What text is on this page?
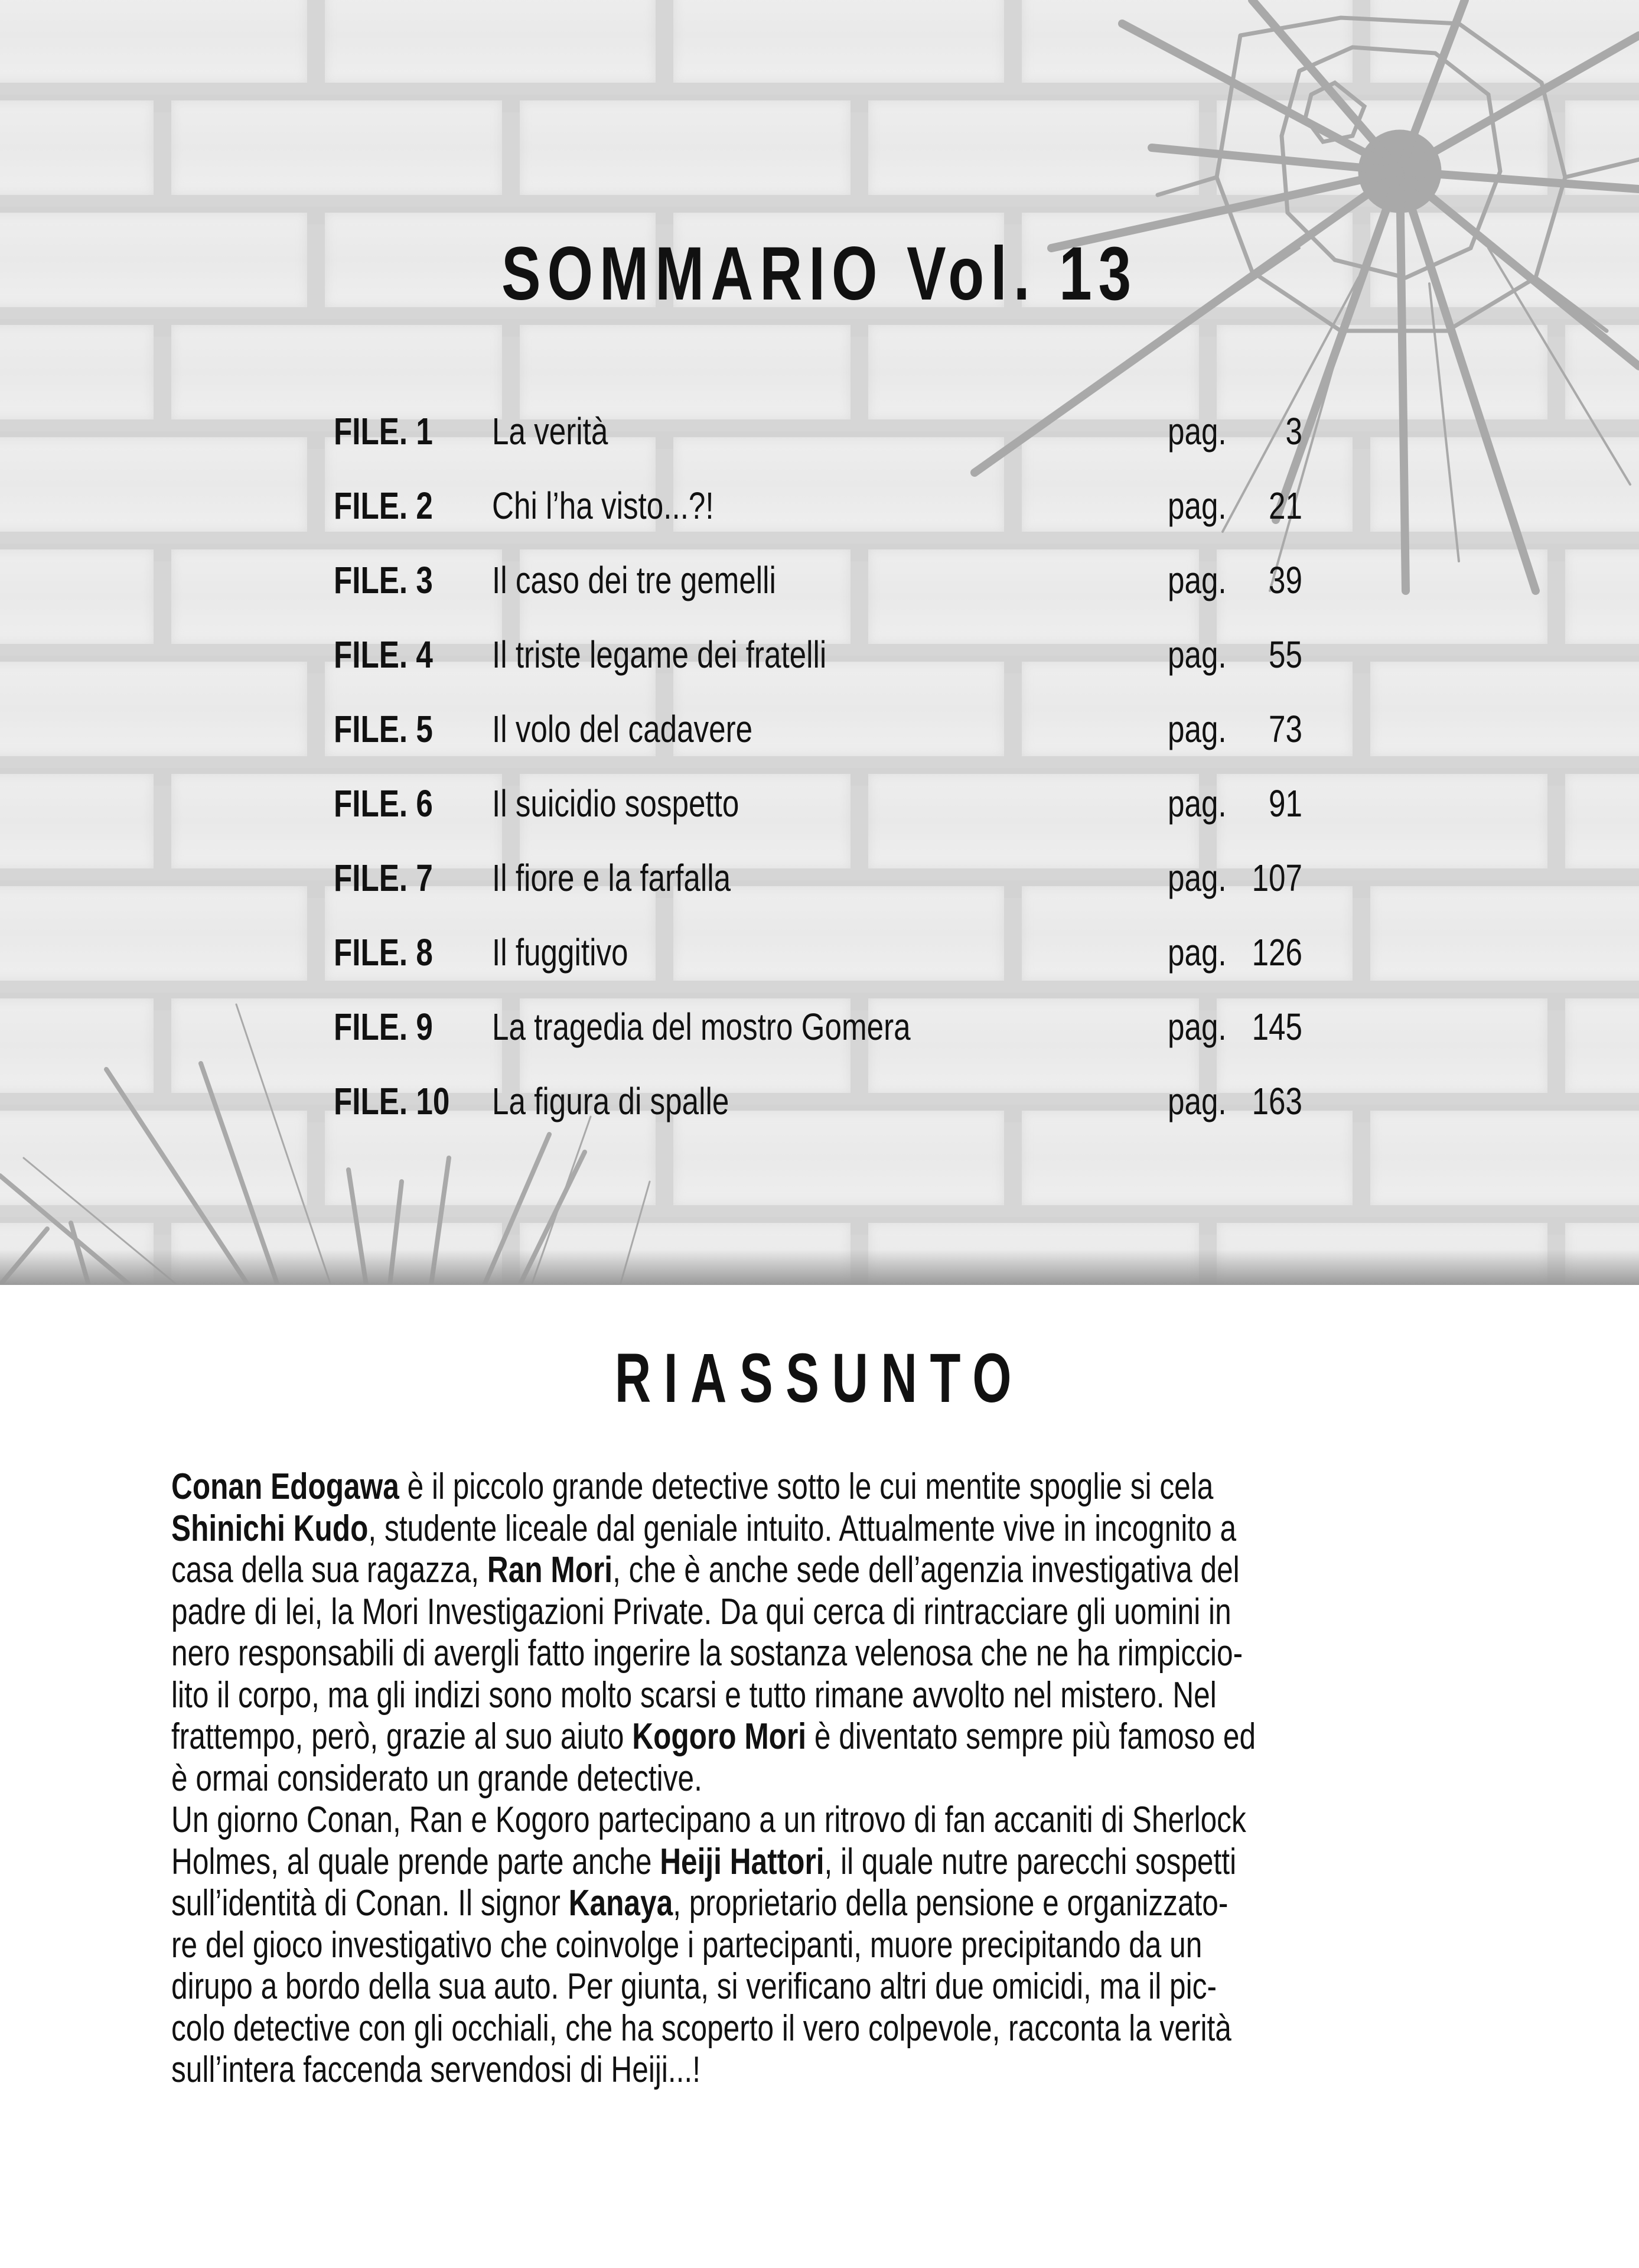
SOMMARIO Vol. 13
FILE. 1 La verità	pag.	3
FILE. 2 Chi l’ha visto...?!	pag.	21
FILE. 3 Il caso dei tre gemelli	pag.	39
FILE. 4 Il triste legame dei fratelli	pag.	55
FILE. 5 Il volo del cadavere	pag.	73
FILE. 6 Il suicidio sospetto	pag.	91
FILE. 7 Il fiore e la farfalla	pag. 107
FILE. 8 Il fuggitivo	pag. 126
FILE. 9 La tragedia del mostro Gomera	pag. 145
FILE. 10 La figura di spalle	pag. 163
RIASSUNTO
Conan Edogawa è il piccolo grande detective sotto le cui mentite spoglie si cela
Shinichi Kudo, studente liceale dal geniale intuito. Attualmente vive in incognito a
casa della sua ragazza, Ran Mori, che è anche sede dell’agenzia investigativa del
padre di lei, la Mori Investigazioni Private. Da qui cerca di rintracciare gli uomini in
nero responsabili di avergli fatto ingerire la sostanza velenosa che ne ha rimpiccio-
lito il corpo, ma gli indizi sono molto scarsi e tutto rimane avvolto nel mistero. Nel
frattempo, però, grazie al suo aiuto Kogoro Mori è diventato sempre più famoso ed
è ormai considerato un grande detective.
Un giorno Conan, Ran e Kogoro partecipano a un ritrovo di fan accaniti di Sherlock
Holmes, al quale prende parte anche Heiji Hattori, il quale nutre parecchi sospetti
sull’identità di Conan. Il signor Kanaya, proprietario della pensione e organizzato-
re del gioco investigativo che coinvolge i partecipanti, muore precipitando da un
dirupo a bordo della sua auto. Per giunta, si verificano altri due omicidi, ma il pic-
colo detective con gli occhiali, che ha scoperto il vero colpevole, racconta la verità
sull’intera faccenda servendosi di Heiji...!
